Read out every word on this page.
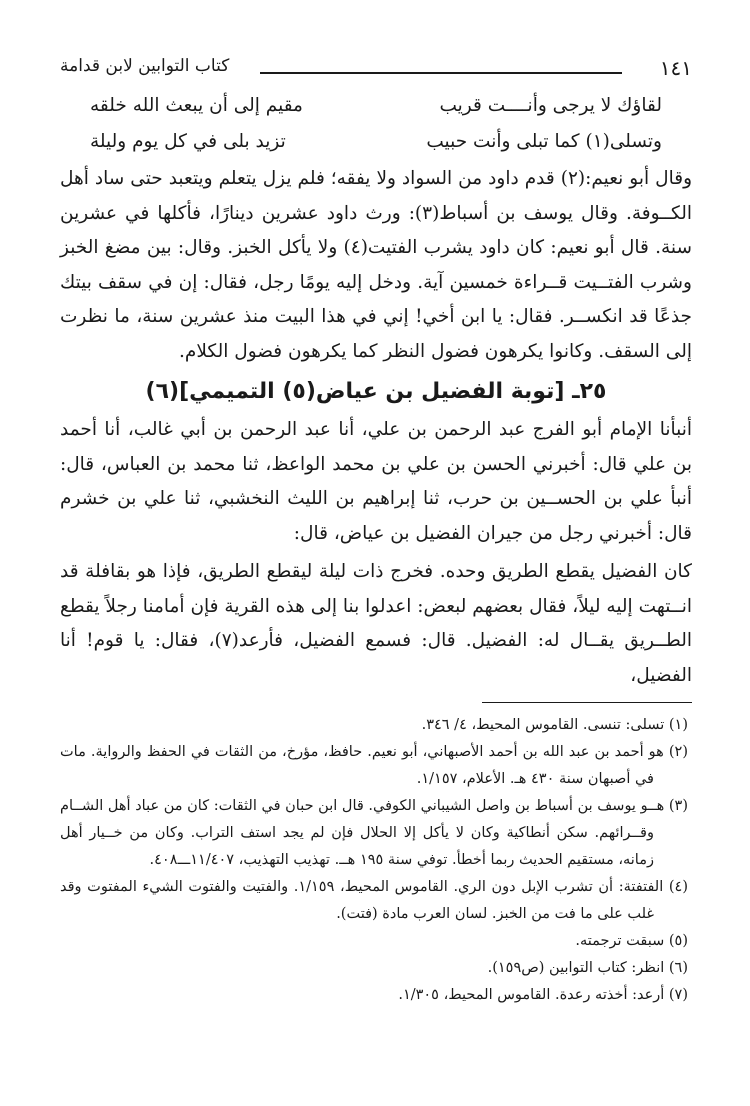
١٤١
كتاب التوابين لابن قدامة
مقيم إلى أن يبعث الله خلقه	لقاؤك لا يرجى وأنــــت قريب
تزيد بلى في كل يوم وليلة	وتسلى(١) كما تبلى وأنت حبيب

وقال أبو نعيم:(٢) قدم داود من السواد ولا يفقه؛ فلم يزل يتعلم ويتعبد حتى ساد أهل الكــوفة. وقال يوسف بن أسباط(٣): ورث داود عشرين دينارًا، فأكلها في عشرين سنة. قال أبو نعيم: كان داود يشرب الفتيت(٤) ولا يأكل الخبز. وقال: بين مضغ الخبز وشرب الفتــيت قــراءة خمسين آية. ودخل إليه يومًا رجل، فقال: إن في سقف بيتك جذعًا قد انكســر. فقال: يا ابن أخي! إني في هذا البيت منذ عشرين سنة، ما نظرت إلى السقف. وكانوا يكرهون فضول النظر كما يكرهون فضول الكلام.

٢٥ـ [توبة الفضيل بن عياض(٥) التميمي](٦)

أنبأنا الإمام أبو الفرج عبد الرحمن بن علي، أنا عبد الرحمن بن أبي غالب، أنا أحمد بن علي قال: أخبرني الحسن بن علي بن محمد الواعظ، ثنا محمد بن العباس، قال: أنبأ علي بن الحســين بن حرب، ثنا إبراهيم بن الليث النخشبي، ثنا علي بن خشرم قال: أخبرني رجل من جيران الفضيل بن عياض، قال:

كان الفضيل يقطع الطريق وحده. فخرج ذات ليلة ليقطع الطريق، فإذا هو بقافلة قد انــتهت إليه ليلاً، فقال بعضهم لبعض: اعدلوا بنا إلى هذه القرية فإن أمامنا رجلاً يقطع الطــريق يقــال له: الفضيل. قال: فسمع الفضيل، فأرعد(٧)، فقال: يا قوم! أنا الفضيل،

(١) تسلى: تنسى. القاموس المحيط، ٤/ ٣٤٦.

(٢) هو أحمد بن عبد الله بن أحمد الأصبهاني، أبو نعيم. حافظ، مؤرخ، من الثقات في الحفظ والرواية. مات في أصبهان سنة ٤٣٠ هـ. الأعلام، ١/١٥٧.

(٣) هــو يوسف بن أسباط بن واصل الشيباني الكوفي. قال ابن حبان في الثقات: كان من عباد أهل الشــام وقــرائهم. سكن أنطاكية وكان لا يأكل إلا الحلال فإن لم يجد استف التراب. وكان من خــيار أهل زمانه، مستقيم الحديث ربما أخطأ. توفي سنة ١٩٥ هــ. تهذيب التهذيب، ١١/٤٠٧ـــ٤٠٨.

(٤) الفتفتة: أن تشرب الإبل دون الري. القاموس المحيط، ١/١٥٩. والفتيت والفتوت الشيء المفتوت وقد غلب على ما فت من الخبز. لسان العرب مادة (فتت).

(٥) سبقت ترجمته.

(٦) انظر: كتاب التوابين (ص١٥٩).

(٧) أرعد: أخذته رعدة. القاموس المحيط، ١/٣٠٥.
